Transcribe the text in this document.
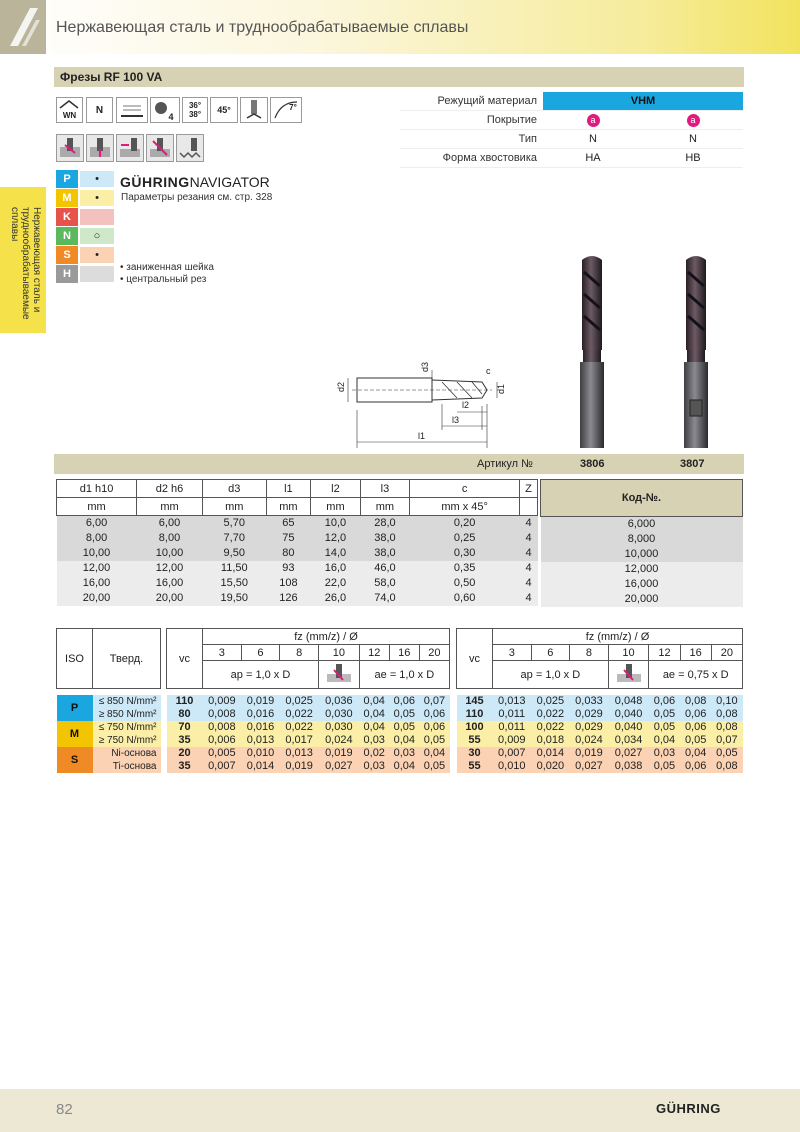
Нержавеющая сталь и труднообрабатываемые сплавы
Нержавеющая сталь и труднообрабатываемые сплавы
Фрезы RF 100 VA
WN N
4
36°
38° 45°	7°
P	•
M	•
K
N	○
S	•
H
GÜHRINGNAVIGATOR
Параметры резания см. стр. 328
• заниженная шейка
• центральный рез
Режущий материал	VHM
Покрытие	a	a
Тип	N	N
Форма хвостовика	HA	HB
d2
d3	c
d1
l2
l3
l1
Артикул №	3806	3807
d1 h10	d2 h6	d3	l1	l2	l3	c	Z
mm	mm	mm	mm	mm	mm	mm x 45°	
6,00	6,00	5,70	65	10,0	28,0	0,20	4
8,00	8,00	7,70	75	12,0	38,0	0,25	4
10,00	10,00	9,50	80	14,0	38,0	0,30	4
12,00	12,00	11,50	93	16,0	46,0	0,35	4
16,00	16,00	15,50	108	22,0	58,0	0,50	4
20,00	20,00	19,50	126	26,0	74,0	0,60	4
Код-№.
6,000
8,000
10,000
12,000
16,000
20,000
ISO	Тверд.		vc	fz (mm/z) / Ø						
				3	6	8	10	12	16	20
				ap = 1,0 x D				ae = 1,0 x D		

P	≤ 850 N/mm²		110	0,009	0,019	0,025	0,036	0,04	0,06	0,07
	≥ 850 N/mm²		80	0,008	0,016	0,022	0,030	0,04	0,05	0,06
M	≤ 750 N/mm²		70	0,008	0,016	0,022	0,030	0,04	0,05	0,06
	≥ 750 N/mm²		35	0,006	0,013	0,017	0,024	0,03	0,04	0,05
S	Ni-основа		20	0,005	0,010	0,013	0,019	0,02	0,03	0,04
	Ti-основа		35	0,007	0,014	0,019	0,027	0,03	0,04	0,05
vc	fz (mm/z) / Ø						
	3	6	8	10	12	16	20
	ap = 1,0 x D				ae = 0,75 x D		

145	0,013	0,025	0,033	0,048	0,06	0,08	0,10
110	0,011	0,022	0,029	0,040	0,05	0,06	0,08
100	0,011	0,022	0,029	0,040	0,05	0,06	0,08
55	0,009	0,018	0,024	0,034	0,04	0,05	0,07
30	0,007	0,014	0,019	0,027	0,03	0,04	0,05
55	0,010	0,020	0,027	0,038	0,05	0,06	0,08
82	GÜHRING
